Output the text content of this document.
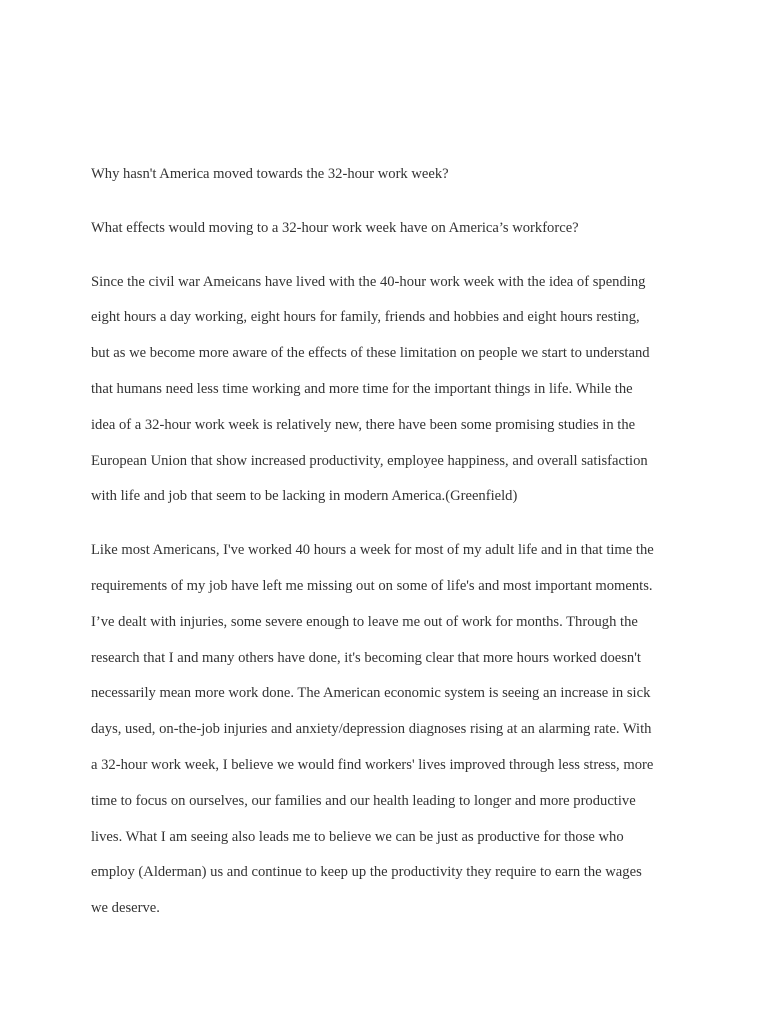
Why hasn't America moved towards the 32-hour work week?

What effects would moving to a 32-hour work week have on America’s workforce?

Since the civil war Ameicans have lived with the 40-hour work week with the idea of spending
eight hours a day working, eight hours for family, friends and hobbies and eight hours resting,
but as we become more aware of the effects of these limitation on people we start to understand
that humans need less time working and more time for the important things in life. While the
idea of a 32-hour work week is relatively new, there have been some promising studies in the
European Union that show increased productivity, employee happiness, and overall satisfaction
with life and job that seem to be lacking in modern America.(Greenfield)

Like most Americans, I've worked 40 hours a week for most of my adult life and in that time the
requirements of my job have left me missing out on some of life's and most important moments.
I’ve dealt with injuries, some severe enough to leave me out of work for months. Through the
research that I and many others have done, it's becoming clear that more hours worked doesn't
necessarily mean more work done. The American economic system is seeing an increase in sick
days, used, on-the-job injuries and anxiety/depression diagnoses rising at an alarming rate. With
a 32-hour work week, I believe we would find workers' lives improved through less stress, more
time to focus on ourselves, our families and our health leading to longer and more productive
lives. What I am seeing also leads me to believe we can be just as productive for those who
employ (Alderman) us and continue to keep up the productivity they require to earn the wages
we deserve.
